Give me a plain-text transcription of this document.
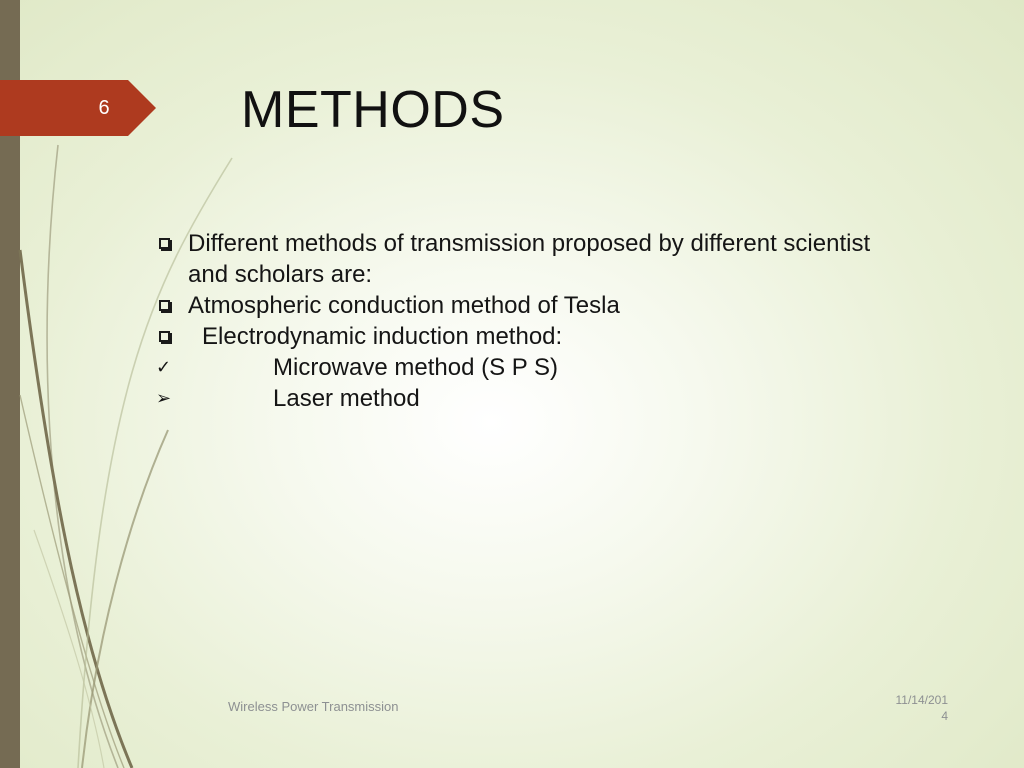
6	METHODS
Different methods of transmission proposed by different scientist and scholars are:
Atmospheric conduction method of Tesla
Electrodynamic induction method:
✓	Microwave method (S P S)
➢	Laser method
Wireless Power Transmission	11/14/201
4
